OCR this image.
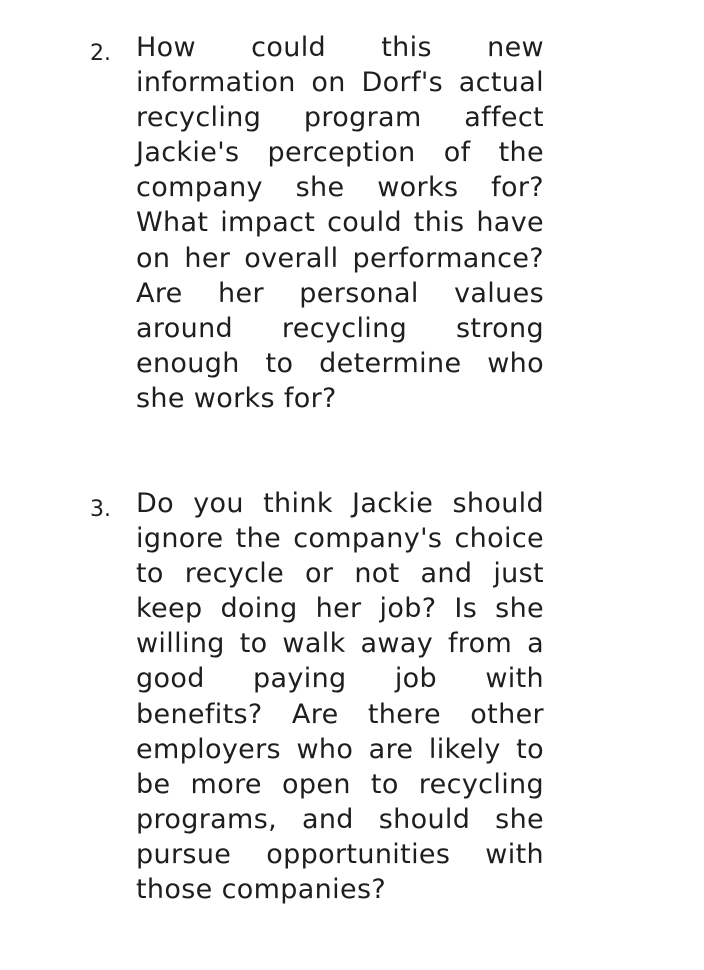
2. How could this new information on Dorf's actual recycling program affect Jackie's perception of the company she works for? What impact could this have on her overall performance? Are her personal values around recycling strong enough to determine who she works for?
3. Do you think Jackie should ignore the company's choice to recycle or not and just keep doing her job? Is she willing to walk away from a good paying job with benefits? Are there other employers who are likely to be more open to recycling programs, and should she pursue opportunities with those companies?
